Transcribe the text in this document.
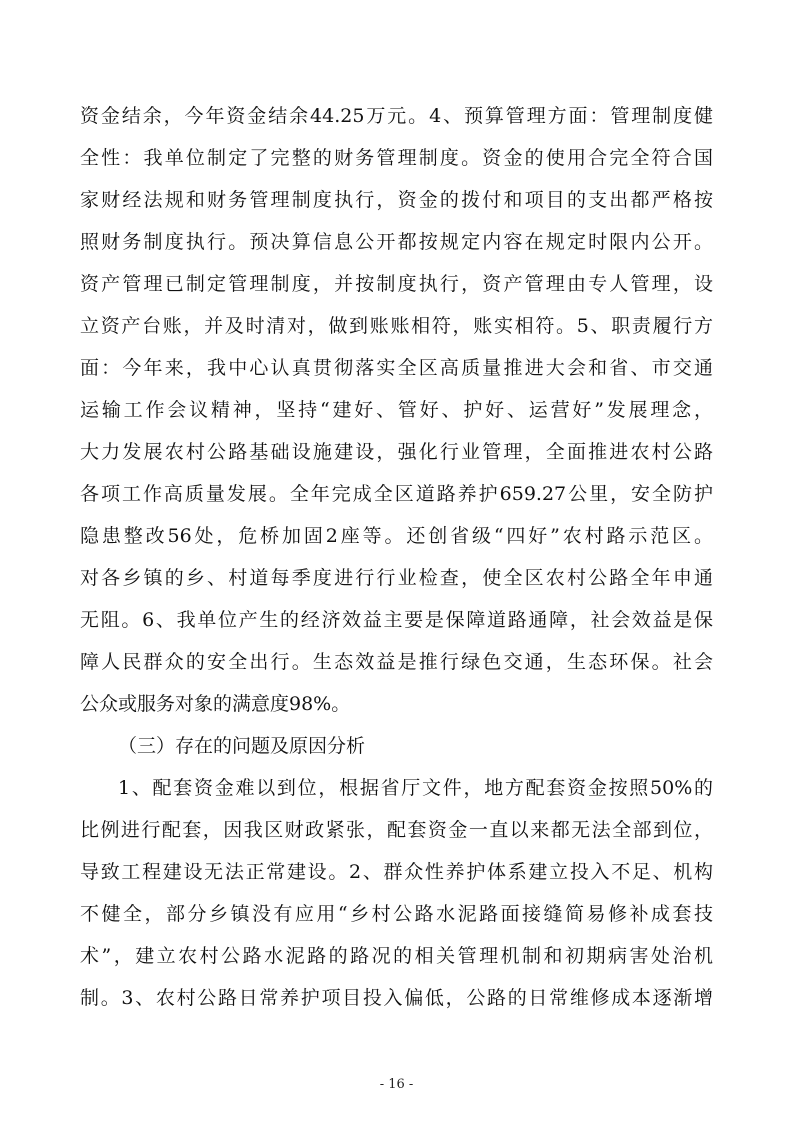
资金结余，今年资金结余44.25万元。4、预算管理方面：管理制度健
全性：我单位制定了完整的财务管理制度。资金的使用合完全符合国
家财经法规和财务管理制度执行，资金的拨付和项目的支出都严格按
照财务制度执行。预决算信息公开都按规定内容在规定时限内公开。
资产管理已制定管理制度，并按制度执行，资产管理由专人管理，设
立资产台账，并及时清对，做到账账相符，账实相符。5、职责履行方
面：今年来，我中心认真贯彻落实全区高质量推进大会和省、市交通
运输工作会议精神，坚持“建好、管好、护好、运营好”发展理念，
大力发展农村公路基础设施建设，强化行业管理，全面推进农村公路
各项工作高质量发展。全年完成全区道路养护659.27公里，安全防护
隐患整改56处，危桥加固2座等。还创省级“四好”农村路示范区。
对各乡镇的乡、村道每季度进行行业检查，使全区农村公路全年申通
无阻。6、我单位产生的经济效益主要是保障道路通障，社会效益是保
障人民群众的安全出行。生态效益是推行绿色交通，生态环保。社会
公众或服务对象的满意度98%。
（三）存在的问题及原因分析
1、配套资金难以到位，根据省厅文件，地方配套资金按照50%的
比例进行配套，因我区财政紧张，配套资金一直以来都无法全部到位，
导致工程建设无法正常建设。2、群众性养护体系建立投入不足、机构
不健全，部分乡镇没有应用“乡村公路水泥路面接缝简易修补成套技
术”，建立农村公路水泥路的路况的相关管理机制和初期病害处治机
制。3、农村公路日常养护项目投入偏低，公路的日常维修成本逐渐增
- 16 -
